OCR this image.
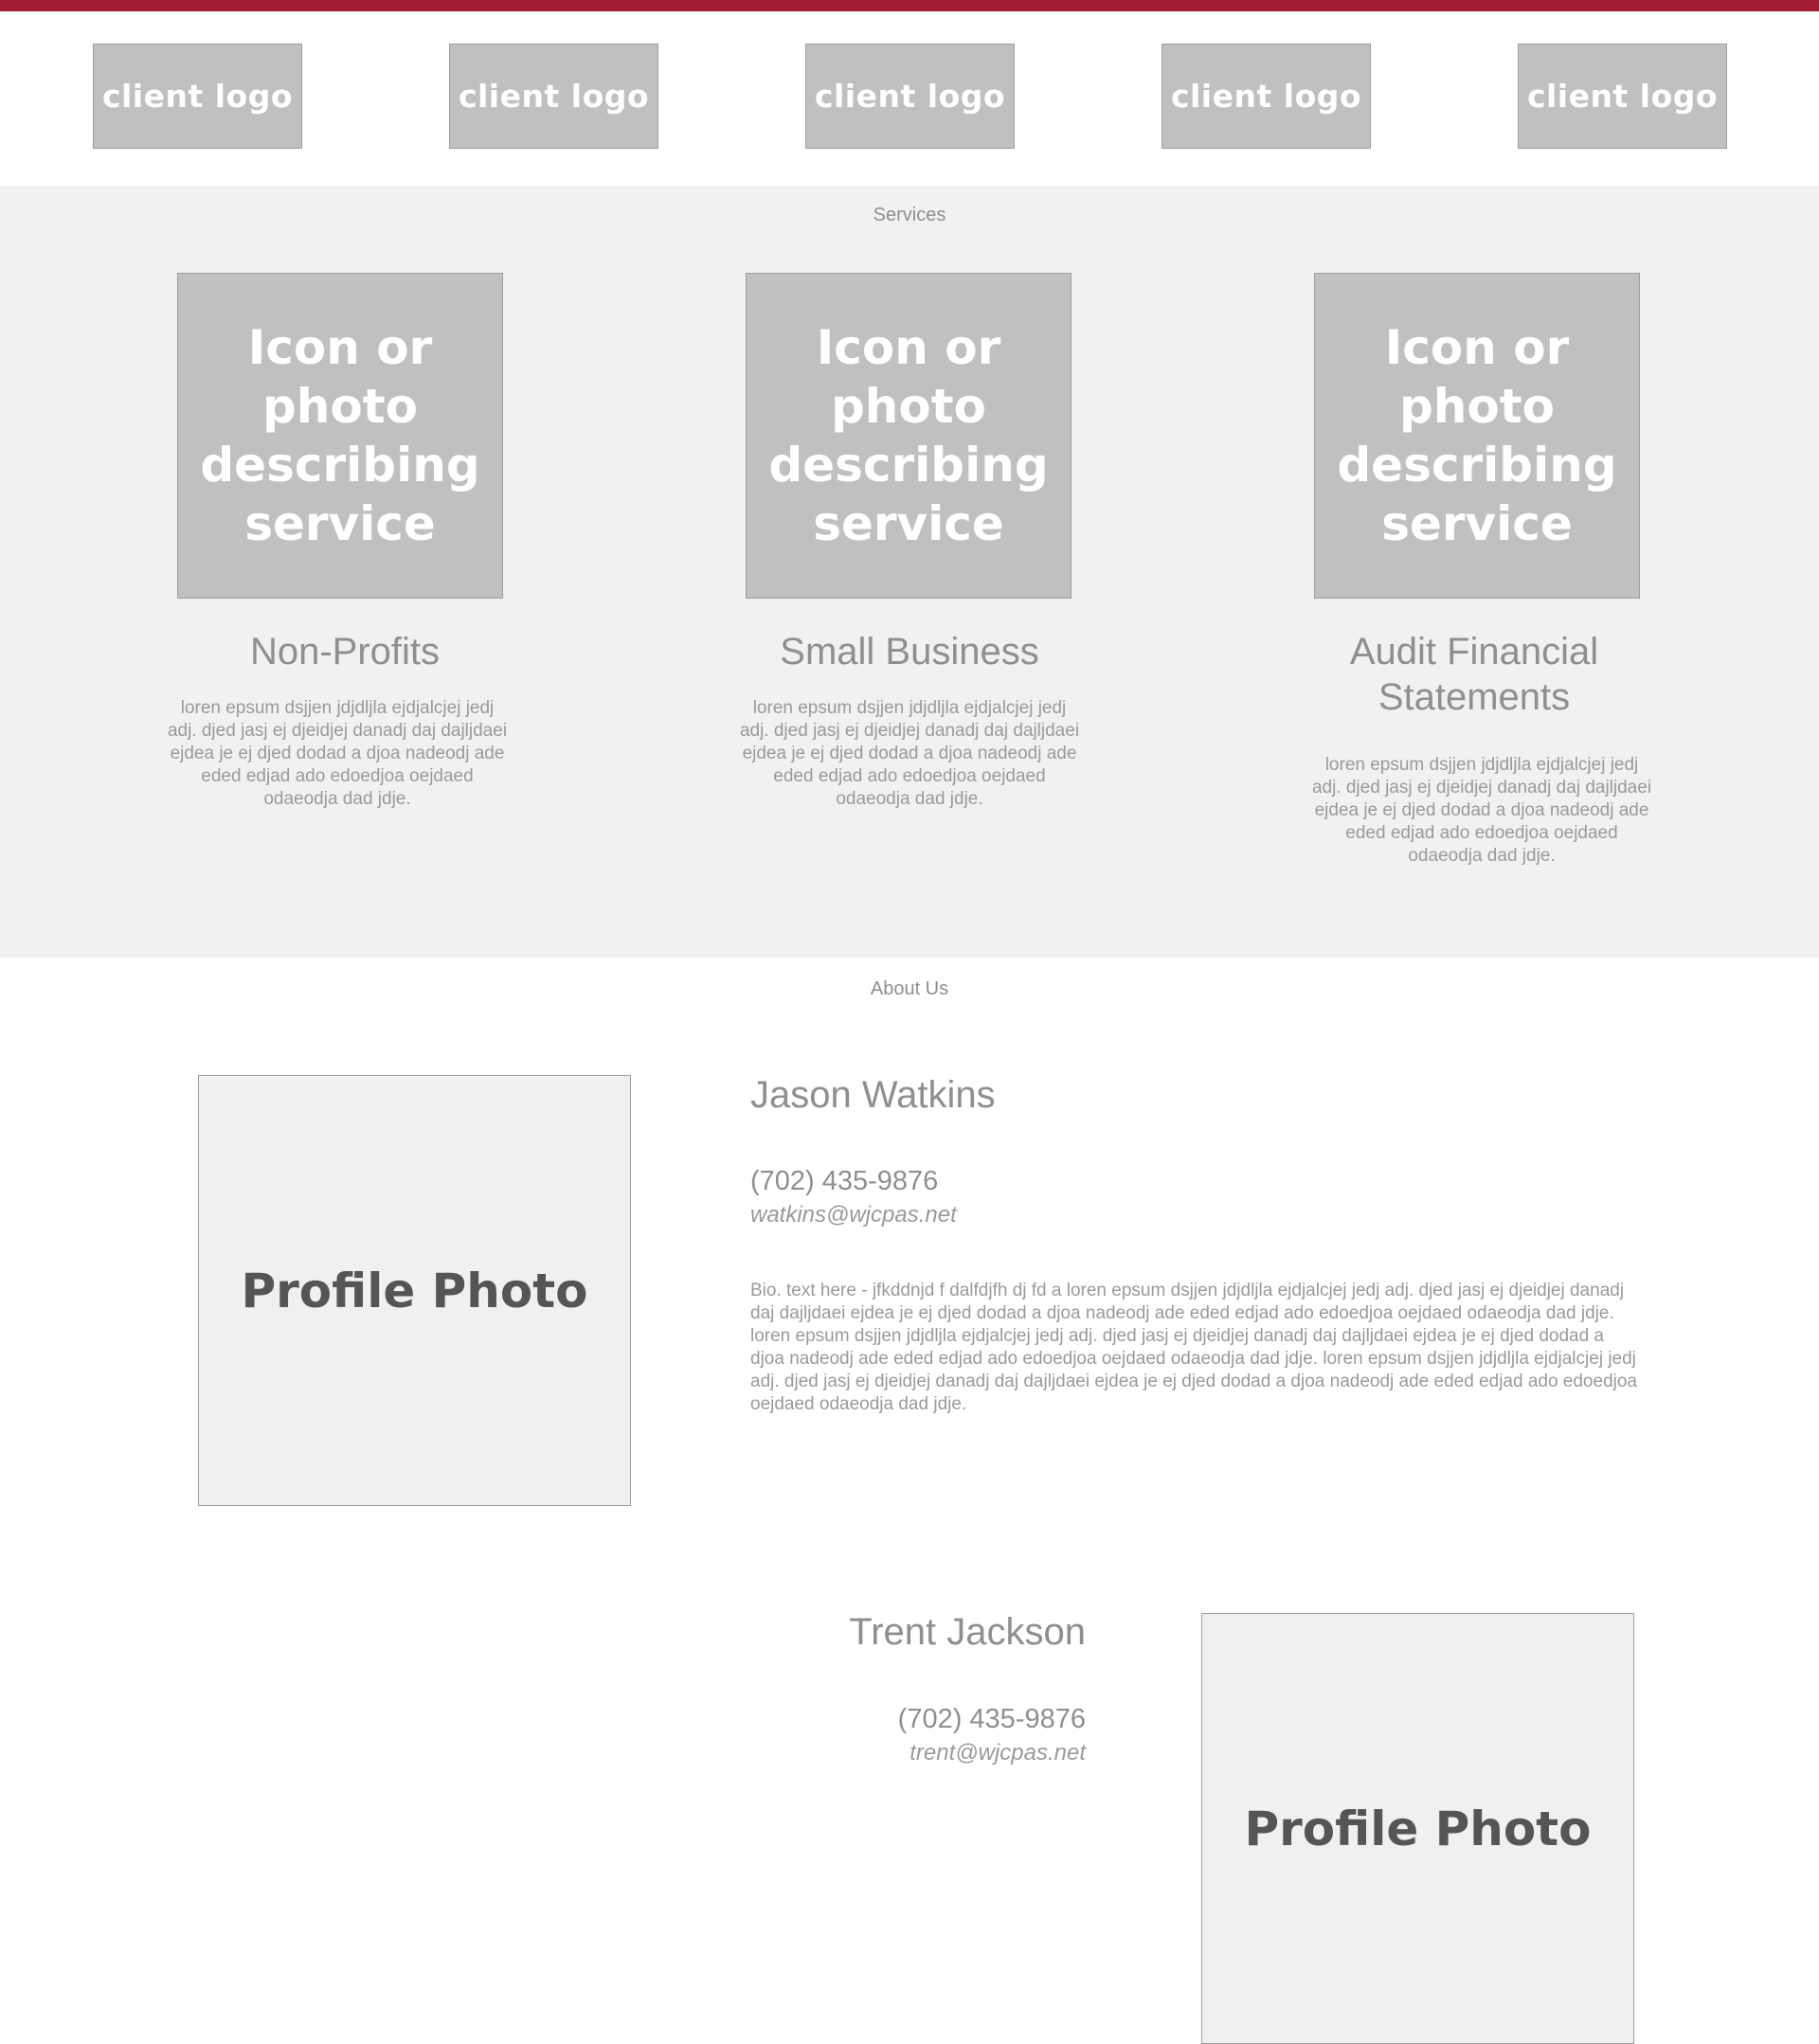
client logo	client logo	client logo	client logo	client logo
Services
Icon or photo describing service
Non-Profits
loren epsum dsjjen jdjdljla ejdjalcjej jedj adj. djed jasj ej djeidjej danadj daj dajljdaei ejdea je ej djed dodad a djoa nadeodj ade eded edjad ado edoedjoa oejdaed odaeodja dad jdje.
Icon or photo describing service
Small Business
loren epsum dsjjen jdjdljla ejdjalcjej jedj adj. djed jasj ej djeidjej danadj daj dajljdaei ejdea je ej djed dodad a djoa nadeodj ade eded edjad ado edoedjoa oejdaed odaeodja dad jdje.
Icon or photo describing service
Audit Financial Statements
loren epsum dsjjen jdjdljla ejdjalcjej jedj adj. djed jasj ej djeidjej danadj daj dajljdaei ejdea je ej djed dodad a djoa nadeodj ade eded edjad ado edoedjoa oejdaed odaeodja dad jdje.
About Us
Profile Photo
Jason Watkins
(702) 435-9876
watkins@wjcpas.net
Bio. text here - jfkddnjd f dalfdjfh dj fd a loren epsum dsjjen jdjdljla ejdjalcjej jedj adj. djed jasj ej djeidjej danadj daj dajljdaei ejdea je ej djed dodad a djoa nadeodj ade eded edjad ado edoedjoa oejdaed odaeodja dad jdje. loren epsum dsjjen jdjdljla ejdjalcjej jedj adj. djed jasj ej djeidjej danadj daj dajljdaei ejdea je ej djed dodad a djoa nadeodj ade eded edjad ado edoedjoa oejdaed odaeodja dad jdje. loren epsum dsjjen jdjdljla ejdjalcjej jedj adj. djed jasj ej djeidjej danadj daj dajljdaei ejdea je ej djed dodad a djoa nadeodj ade eded edjad ado edoedjoa oejdaed odaeodja dad jdje.
Trent Jackson
(702) 435-9876
trent@wjcpas.net
Profile Photo
